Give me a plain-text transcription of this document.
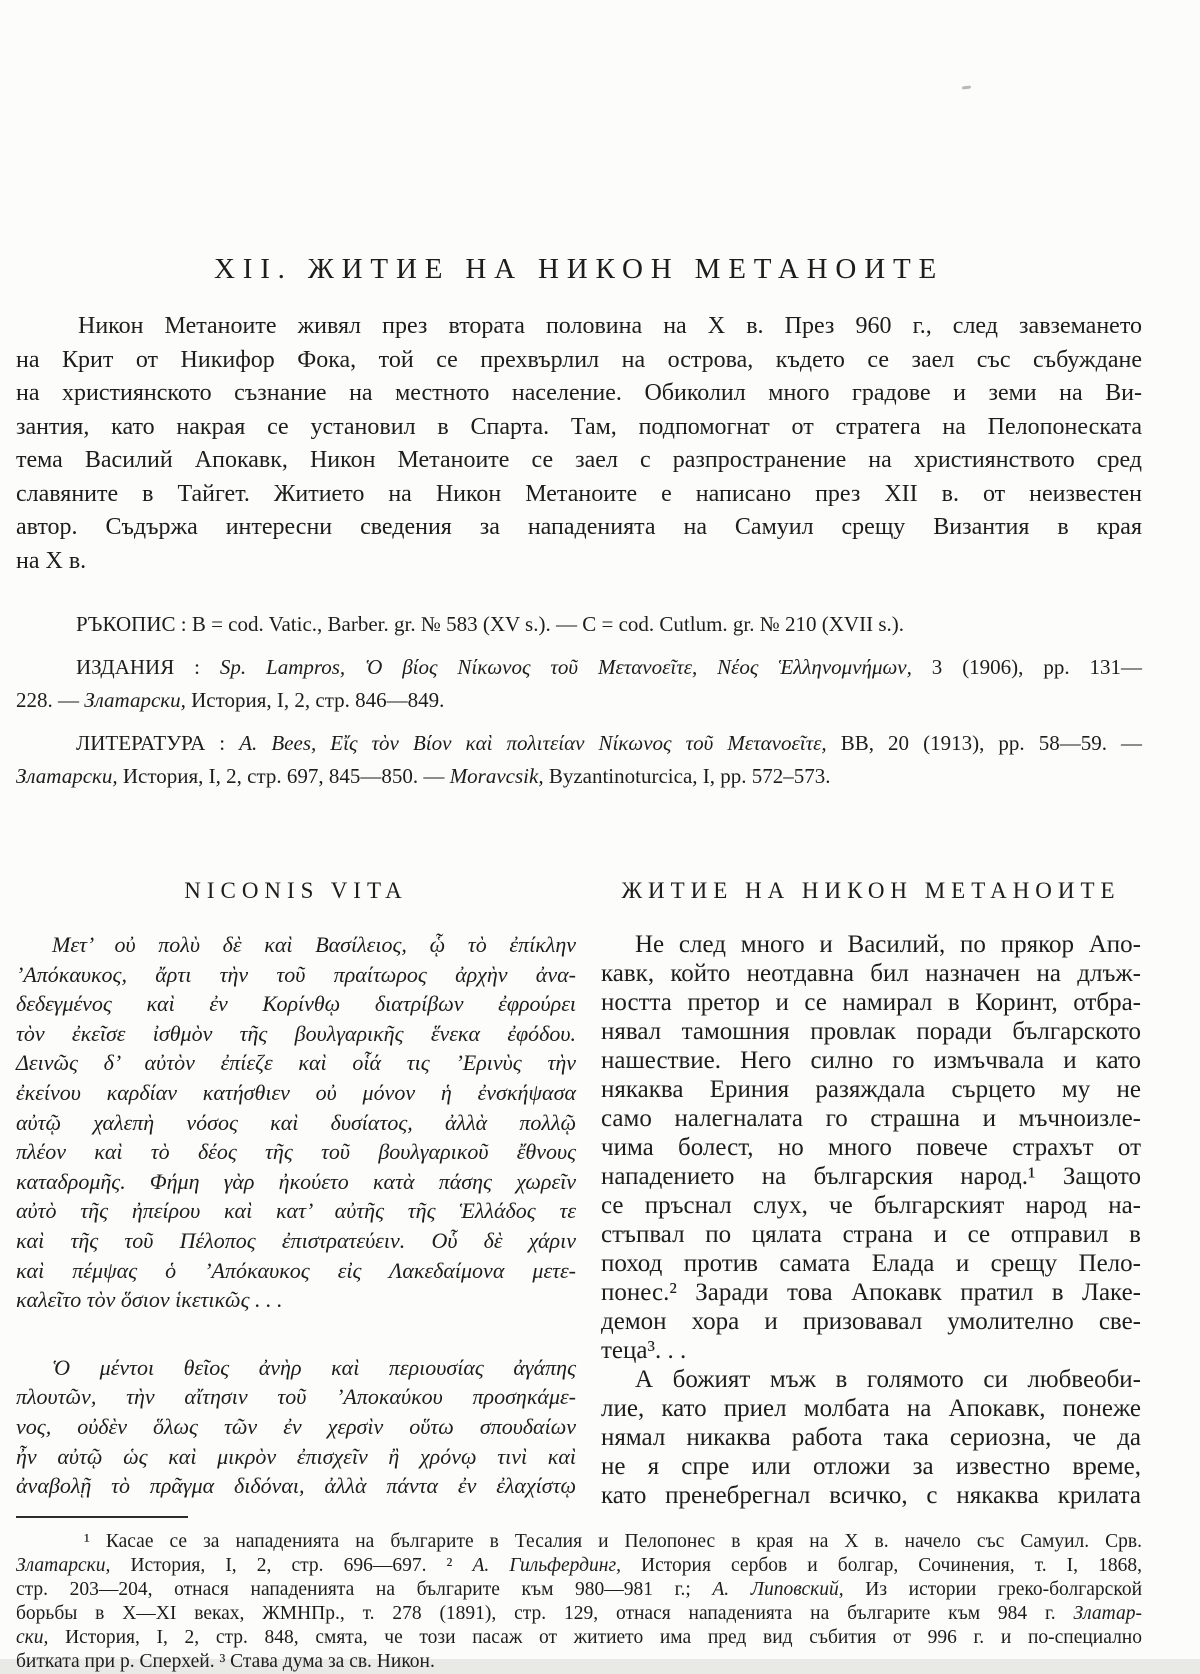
XII. ЖИТИЕ НА НИКОН МЕТАНОИТЕ
Никон Метаноите живял през втората половина на X в. През 960 г., след завземането
на Крит от Никифор Фока, той се прехвърлил на острова, където се заел със събуждане
на християнското съзнание на местното население. Обиколил много градове и земи на Ви-
зантия, като накрая се установил в Спарта. Там, подпомогнат от стратега на Пелопонеската
тема Василий Апокавк, Никон Метаноите се заел с разпространение на християнството сред
славяните в Тайгет. Житието на Никон Метаноите е написано през XII в. от неизвестен
автор. Съдържа интересни сведения за нападенията на Самуил срещу Византия в края
на X в.
РЪКОПИС : B = cod. Vatic., Barber. gr. № 583 (XV s.). — C = cod. Cutlum. gr. № 210 (XVII s.).
ИЗДАНИЯ : Sp. Lampros, Ὁ βίος Νίκωνος τοῦ Μετανοεῖτε, Νέος Ἑλληνομνήμων, 3 (1906), pp. 131—
228. — Златарски, История, I, 2, стр. 846—849.
ЛИТЕРАТУРА : A. Bees, Εἴς τὸν Βίον καὶ πολιτείαν Νίκωνος τοῦ Μετανοεῖτε, ВВ, 20 (1913), pp. 58—59. —
Златарски, История, I, 2, стр. 697, 845—850. — Moravcsik, Byzantinoturcica, I, pp. 572–573.
NICONIS VITA
Μετ’ οὐ πολὺ δὲ καὶ Βασίλειος, ᾧ τὸ ἐπίκλην
’Απόκαυκος, ἄρτι τὴν τοῦ πραίτωρος ἀρχὴν ἀνα-
δεδεγμένος καὶ ἐν Κορίνθῳ διατρίβων ἐφρούρει
τὸν ἐκεῖσε ἰσθμὸν τῆς βουλγαρικῆς ἕνεκα ἐφόδου.
Δεινῶς δ’ αὐτὸν ἐπίεζε καὶ οἷά τις ’Ερινὺς τὴν
ἐκείνου καρδίαν κατήσθιεν οὐ μόνον ἡ ἐνσκήψασα
αὐτῷ χαλεπὴ νόσος καὶ δυσίατος, ἀλλὰ πολλῷ
πλέον καὶ τὸ δέος τῆς τοῦ βουλγαρικοῦ ἔθνους
καταδρομῆς. Φήμη γὰρ ἠκούετο κατὰ πάσης χωρεῖν
αὐτὸ τῆς ἠπείρου καὶ κατ’ αὐτῆς τῆς Ἑλλάδος τε
καὶ τῆς τοῦ Πέλοπος ἐπιστρατεύειν. Οὗ δὲ χάριν
καὶ πέμψας ὁ ’Απόκαυκος εἰς Λακεδαίμονα μετε-
καλεῖτο τὸν ὅσιον ἱκετικῶς . . .
Ὁ μέντοι θεῖος ἀνὴρ καὶ περιουσίας ἀγάπης
πλουτῶν, τὴν αἴτησιν τοῦ ’Αποκαύκου προσηκάμε-
νος, οὐδὲν ὅλως τῶν ἐν χερσὶν οὕτω σπουδαίων
ἦν αὐτῷ ὡς καὶ μικρὸν ἐπισχεῖν ἢ χρόνῳ τινὶ καὶ
ἀναβολῇ τὸ πρᾶγμα διδόναι, ἀλλὰ πάντα ἐν ἐλαχίστῳ
ЖИТИЕ НА НИКОН МЕТАНОИТЕ
Не след много и Василий, по прякор Апо-
кавк, който неотдавна бил назначен на длъж-
ността претор и се намирал в Коринт, отбра-
нявал тамошния провлак поради българското
нашествие. Него силно го измъчвала и като
някаква Ериния разяждала сърцето му не
само налегналата го страшна и мъчноизле-
чима болест, но много повече страхът от
нападението на българския народ.¹ Защото
се пръснал слух, че българският народ на-
стъпвал по цялата страна и се отправил в
поход против самата Елада и срещу Пело-
понес.² Заради това Апокавк пратил в Лаке-
демон хора и призовавал умолително све-
теца³. . .
А божият мъж в голямото си любвеоби-
лие, като приел молбата на Апокавк, понеже
нямал никаква работа така сериозна, че да
не я спре или отложи за известно време,
като пренебрегнал всичко, с някаква крилата
¹ Касае се за нападенията на българите в Тесалия и Пелопонес в края на X в. начело със Самуил. Срв.
Златарски, История, I, 2, стр. 696—697. ² А. Гильфердинг, История сербов и болгар, Сочинения, т. I, 1868,
стр. 203—204, отнася нападенията на българите към 980—981 г.; А. Липовский, Из истории греко-болгарской
борьбы в X—XI веках, ЖМНПр., т. 278 (1891), стр. 129, отнася нападенията на българите към 984 г. Златар-
ски, История, I, 2, стр. 848, смята, че този пасаж от житието има пред вид събития от 996 г. и по-специално
битката при р. Сперхей. ³ Става дума за св. Никон.
